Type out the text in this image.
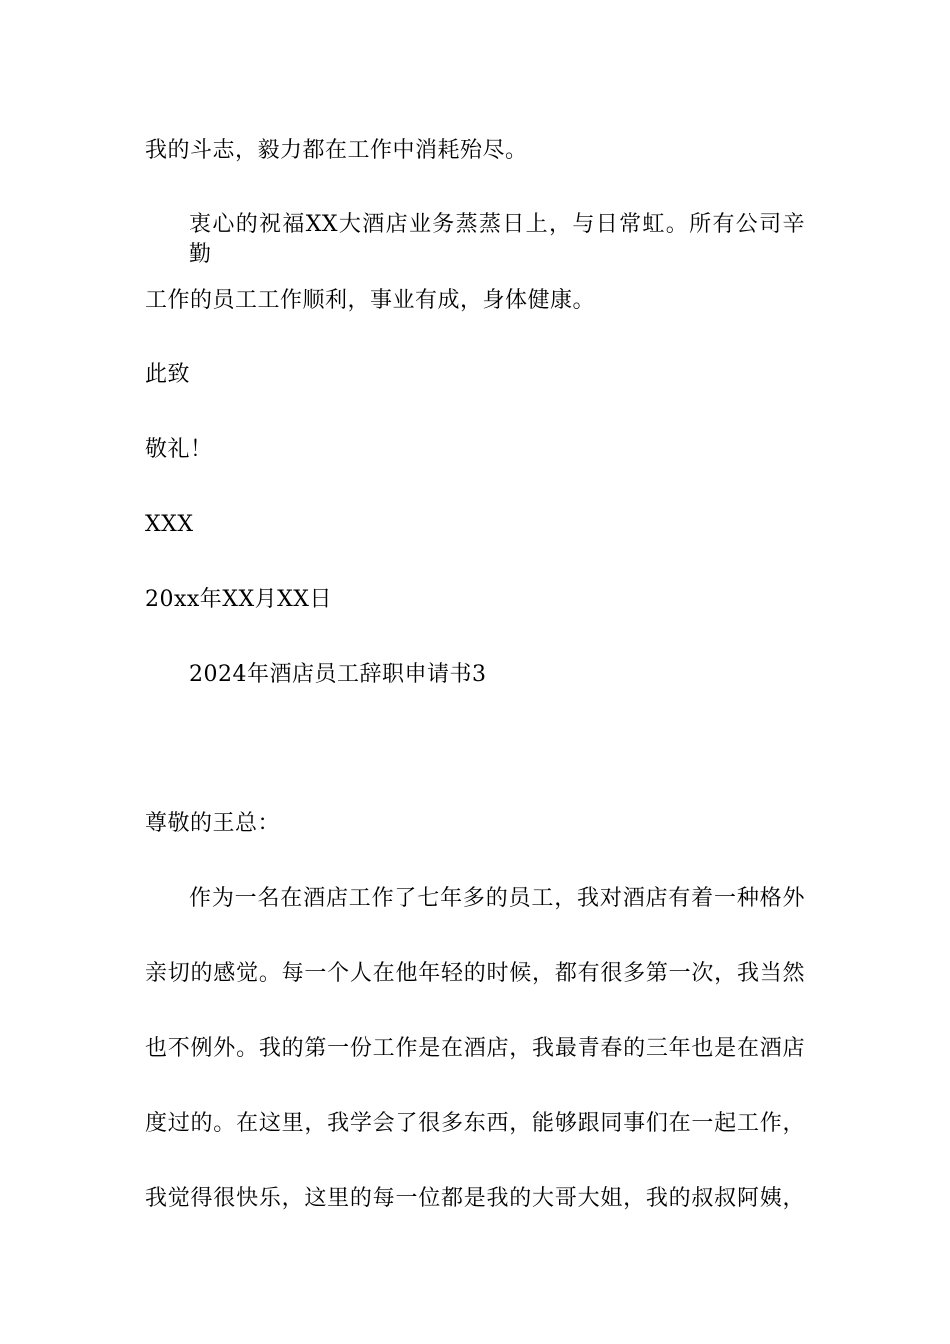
我的斗志，毅力都在工作中消耗殆尽。
衷心的祝福XX大酒店业务蒸蒸日上，与日常虹。所有公司辛勤
工作的员工工作顺利，事业有成，身体健康。
此致
敬礼！
XXX
20xx年XX月XX日
2024年酒店员工辞职申请书3
尊敬的王总：
作为一名在酒店工作了七年多的员工，我对酒店有着一种格外
亲切的感觉。每一个人在他年轻的时候，都有很多第一次，我当然
也不例外。我的第一份工作是在酒店，我最青春的三年也是在酒店
度过的。在这里，我学会了很多东西，能够跟同事们在一起工作，
我觉得很快乐，这里的每一位都是我的大哥大姐，我的叔叔阿姨，
